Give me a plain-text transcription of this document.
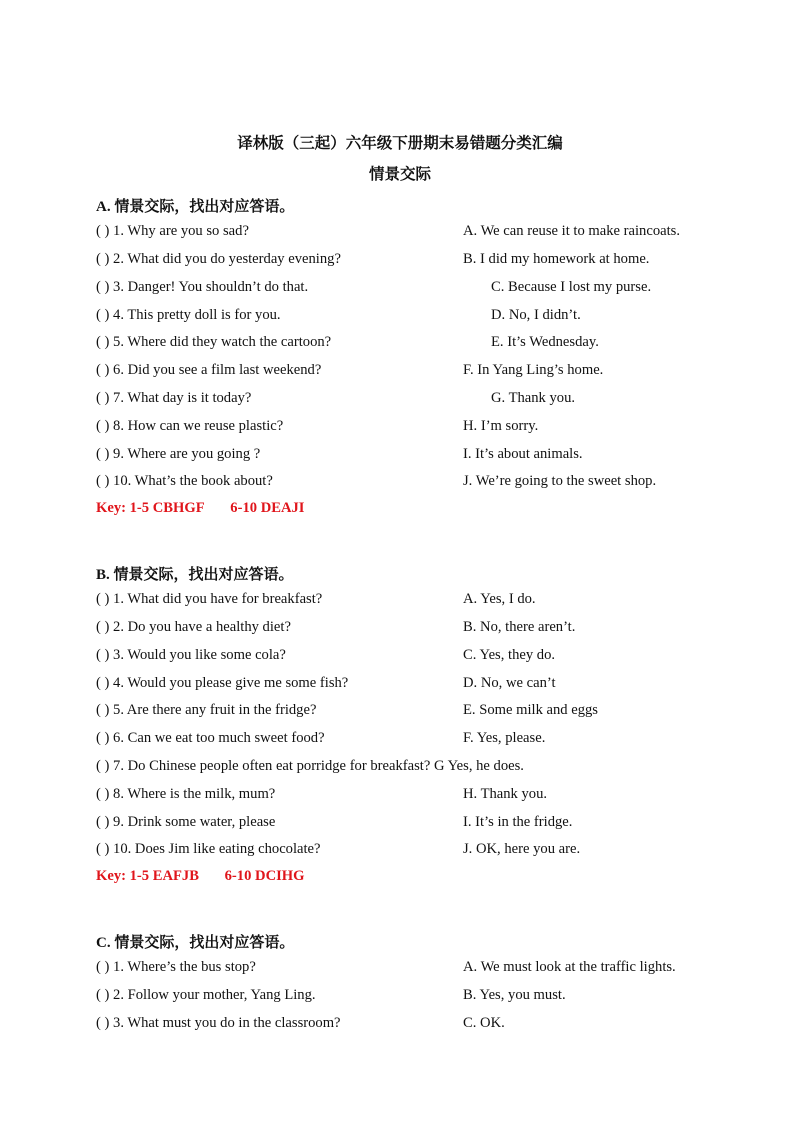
译林版（三起）六年级下册期末易错题分类汇编
情景交际
A. 情景交际，找出对应答语。
( ) 1. Why are you so sad?
( ) 2. What did you do yesterday evening?
( ) 3. Danger! You shouldn’t do that.
( ) 4. This pretty doll is for you.
( ) 5. Where did they watch the cartoon?
( ) 6. Did you see a film last weekend?
( ) 7. What day is it today?
( ) 8. How can we reuse plastic?
( ) 9. Where are you going ?
( ) 10. What’s the book about?
A. We can reuse it to make raincoats.
B. I did my homework at home.
C. Because I lost my purse.
D. No, I didn’t.
E. It’s Wednesday.
F. In Yang Ling’s home.
G. Thank you.
H. I’m sorry.
I. It’s about animals.
J. We’re going to the sweet shop.
Key: 1-5 CBHGF 6-10 DEAJI
B. 情景交际，找出对应答语。
( ) 1. What did you have for breakfast?
( ) 2. Do you have a healthy diet?
( ) 3. Would you like some cola?
( ) 4. Would you please give me some fish?
( ) 5. Are there any fruit in the fridge?
( ) 6. Can we eat too much sweet food?
( ) 7. Do Chinese people often eat porridge for breakfast? G Yes, he does.
( ) 8. Where is the milk, mum?
( ) 9. Drink some water, please
( ) 10. Does Jim like eating chocolate?
A. Yes, I do.
B. No, there aren’t.
C. Yes, they do.
D. No, we can’t
E. Some milk and eggs
F. Yes, please.
H. Thank you.
I. It’s in the fridge.
J. OK, here you are.
Key: 1-5 EAFJB 6-10 DCIHG
C. 情景交际，找出对应答语。
( ) 1. Where’s the bus stop?
( ) 2. Follow your mother, Yang Ling.
( ) 3. What must you do in the classroom?
A. We must look at the traffic lights.
B. Yes, you must.
C. OK.
